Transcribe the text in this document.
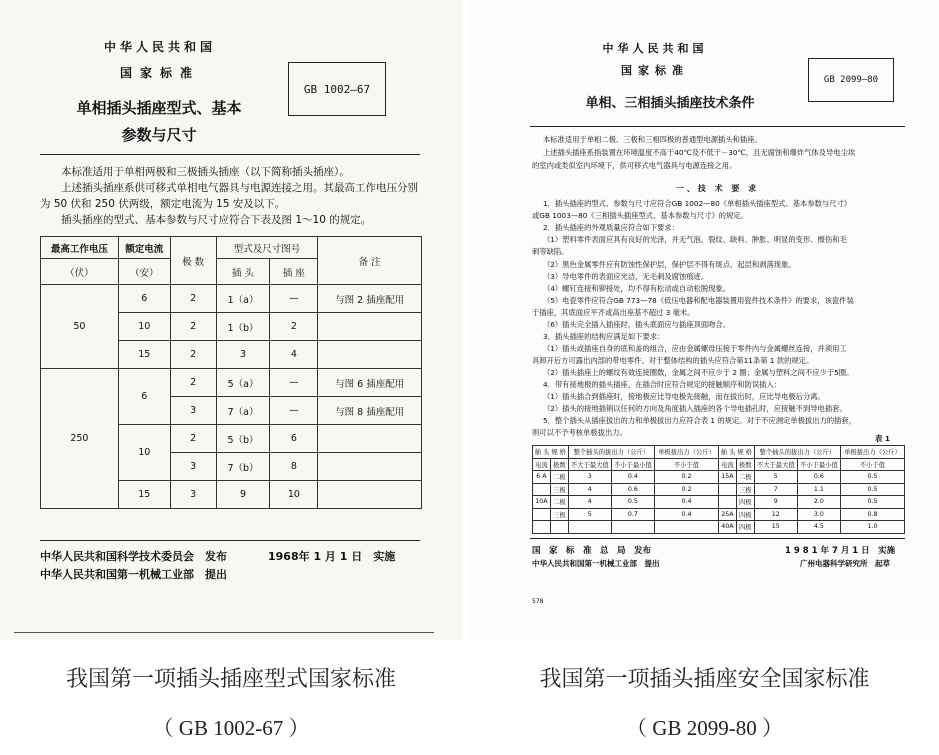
中华人民共和国
国家标准
GB 1002—67
单相插头插座型式、基本
参数与尺寸
本标准适用于单相两极和三极插头插座（以下简称插头插座）。
上述插头插座系供可移式单相电气器具与电源连接之用。其最高工作电压分别为 50 伏和 250 伏两级，额定电流为 15 安及以下。
插头插座的型式、基本参数与尺寸应符合下表及图 1～10 的规定。
最高工作电压	额定电流	极 数	型式及尺寸图号		备 注
（伏）	（安）		插 头	插 座	
50	6	2	1（a）	—	与图 2 插座配用
	10	2	1（b）	2	
	15	2	3	4	
250	6	2	5（a）	—	与图 6 插座配用
		3	7（a）	—	与图 8 插座配用
	10	2	5（b）	6	
		3	7（b）	8	
	15	3	9	10	
中华人民共和国科学技术委员会　发布	1968年 1 月 1 日　实施
中华人民共和国第一机械工业部　提出
中华人民共和国
国家标准
GB 2099—80
单相、三相插头插座技术条件
本标准适用于单相二极、三极和三相四极的普通型电源插头和插座。
上述插头插座系指装置在环境温度不高于40℃及不低于－30℃，且无腐蚀和爆炸气体及导电尘埃
的室内或类似室内环境下，供可移式电气器具与电源连接之用。
一、技 术 要 求
1．插头插座的型式、参数与尺寸应符合GB 1002—80《单相插头插座型式、基本参数与尺寸》
或GB 1003—80《三相插头插座型式、基本参数与尺寸》的规定。
2．插头插座的外观质量应符合如下要求：
（1）塑料零件表面应具有良好的光泽，并无气泡、裂纹、缺料、肿胀、明显的变形、擦伤和毛
刺等缺陷。
（2）黑色金属零件应有防蚀性保护层，保护层不得有斑点、起层和剥落现象。
（3）导电零件的表面应光洁，无毛刺及腐蚀痕迹。
（4）螺钉连接和铆接处，均不得有松动或自动松脱现象。
（5）电瓷零件应符合GB 773—78《低压电器和配电器装置用瓷件技术条件》的要求，该瓷件装
于插座，其底面应平齐或高出座基不超过 3 毫米。
（6）插头完全插入插座时，插头底面应与插座顶面吻合。
3．插头插座的结构应满足如下要求：
（1）插头或插座自身的底和盖的组合，应由金属螺母压接于零件内与金属螺丝连接，并须用工
具卸开后方可露出内部的带电零件。对于整体结构的插头应符合第11条第 1 款的规定。
（2）插头插座上的螺纹有效连接圈数，金属之间不应少于 2 圈；金属与塑料之间不应少于5圈。
4．带有接地极的插头插座，在插合时应符合规定的接触顺序和防误插入：
（1）插头插合到插座时，接地极应比导电极先接触，而在拔出时，应比导电极后分离。
（2）插头的接地插销以任何的方向及角度插入插座的各个导电插孔时，应接触不到导电插套。
5．整个插头从插座拔出的力和单极拔出力应符合表 1 的规定。对于不应测定单极拔出力的插套，
则可以不予考核单极拔出力。
表 1
插 头 规 格		整个插头的拔出力（公斤）		单极拔出力（公斤）	插 头 规 格		整个插头的拔出力（公斤）		单极拔出力（公斤）
电流	极数	不大于最大值	不小于最小值	不小于值	电流	极数	不大于最大值	不小于最小值	不小于值
6 A	二极	3	0.4	0.2	15A	二极	5	0.6	0.5
	三极	4	0.6	0.2		三极	7	1.1	0.5
10A	二极	4	0.5	0.4		四极	9	2.0	0.5
	三极	5	0.7	0.4	25A	四极	12	3.0	0.8
					40A	四极	15	4.5	1.0
国　家　标　准　总　局　发布	1 9 8 1 年 7 月 1 日　实施
中华人民共和国第一机械工业部　提出	广州电器科学研究所　起草
578
我国第一项插头插座型式国家标准
（ GB 1002-67 ）
我国第一项插头插座安全国家标准
（ GB 2099-80 ）
